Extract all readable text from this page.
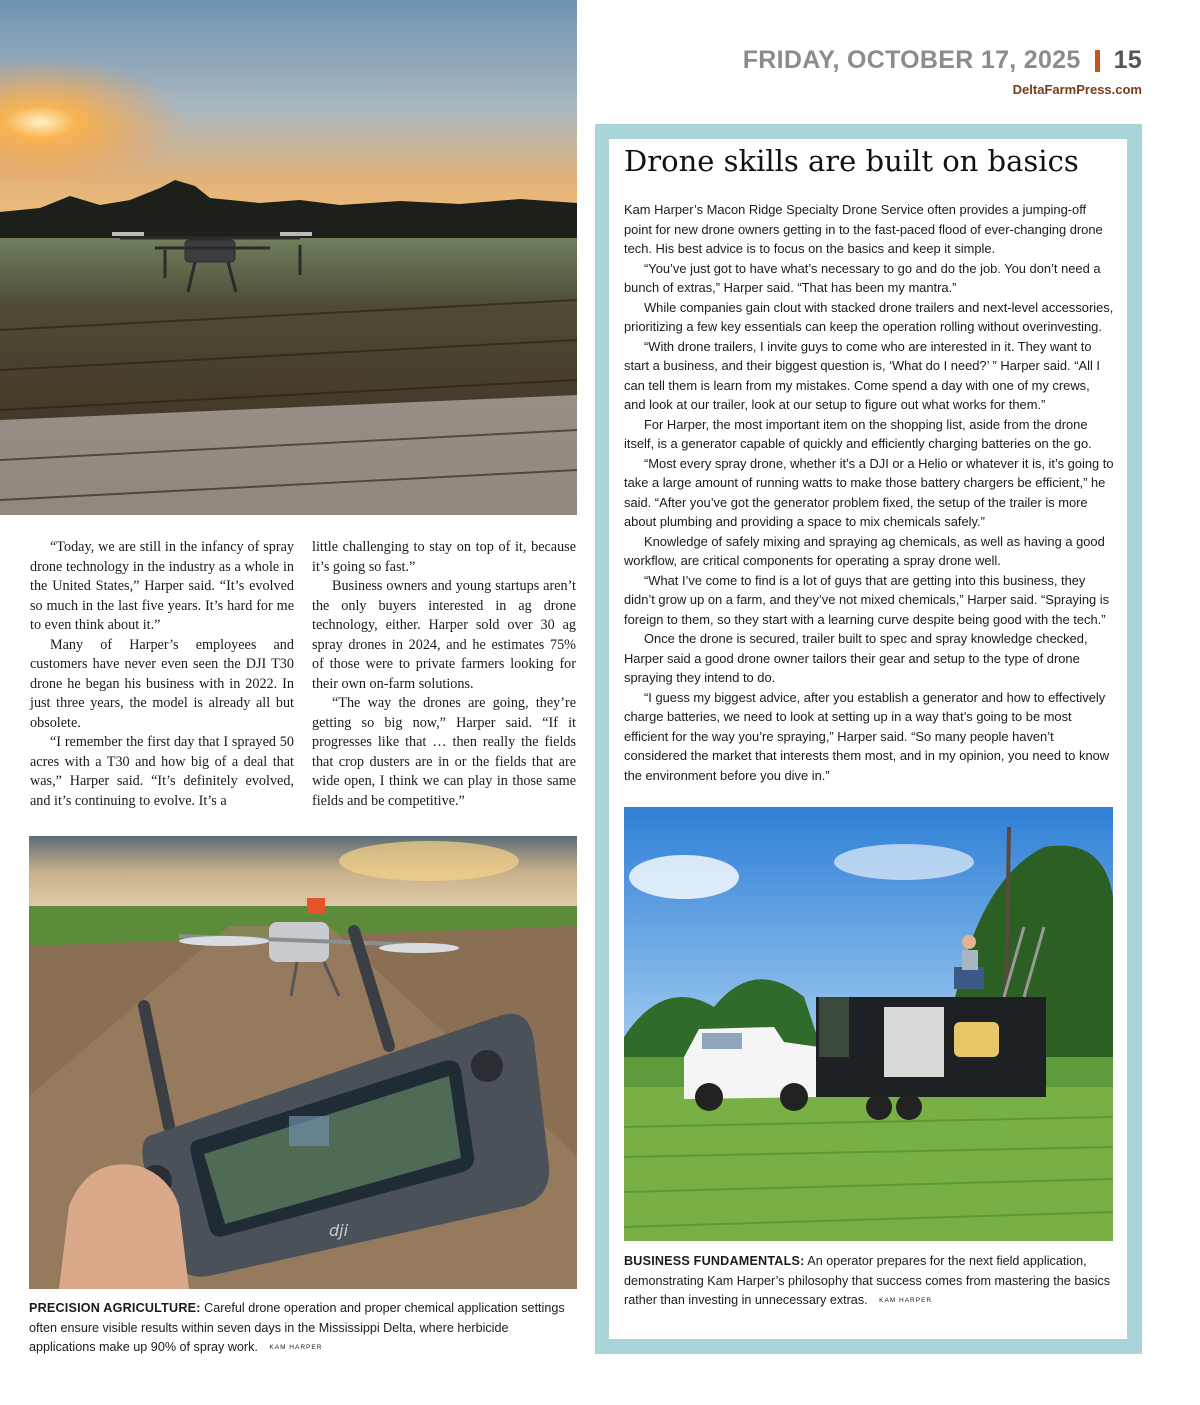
FRIDAY, OCTOBER 17, 2025 15
DeltaFarmPress.com

“Today, we are still in the infancy of spray drone technology in the industry as a whole in the United States,” Harper said. “It’s evolved so much in the last five years. It’s hard for me to even think about it.”

Many of Harper’s employees and customers have never even seen the DJI T30 drone he began his business with in 2022. In just three years, the model is already all but obsolete.

“I remember the first day that I sprayed 50 acres with a T30 and how big of a deal that was,” Harper said. “It’s definitely evolved, and it’s continuing to evolve. It’s a

little challenging to stay on top of it, because it’s going so fast.”

Business owners and young startups aren’t the only buyers interested in ag drone technology, either. Harper sold over 30 ag spray drones in 2024, and he estimates 75% of those were to private farmers looking for their own on-farm solutions.

“The way the drones are going, they’re getting so big now,” Harper said. “If it progresses like that … then really the fields that crop dusters are in or the fields that are wide open, I think we can play in those same fields and be competitive.”

dji
PRECISION AGRICULTURE: Careful drone operation and proper chemical application settings often ensure visible results within seven days in the Mississippi Delta, where herbicide applications make up 90% of spray work. KAM HARPER
Drone skills are built on basics

Kam Harper’s Macon Ridge Specialty Drone Service often provides a jumping-off point for new drone owners getting in to the fast-paced flood of ever-changing drone tech. His best advice is to focus on the basics and keep it simple.

“You’ve just got to have what’s necessary to go and do the job. You don’t need a bunch of extras,” Harper said. “That has been my mantra.”

While companies gain clout with stacked drone trailers and next-level accessories, prioritizing a few key essentials can keep the operation rolling without overinvesting.

“With drone trailers, I invite guys to come who are interested in it. They want to start a business, and their biggest question is, ‘What do I need?’ ” Harper said. “All I can tell them is learn from my mistakes. Come spend a day with one of my crews, and look at our trailer, look at our setup to figure out what works for them.”

For Harper, the most important item on the shopping list, aside from the drone itself, is a generator capable of quickly and efficiently charging batteries on the go.

“Most every spray drone, whether it’s a DJI or a Helio or whatever it is, it’s going to take a large amount of running watts to make those battery chargers be efficient,” he said. “After you’ve got the generator problem fixed, the setup of the trailer is more about plumbing and providing a space to mix chemicals safely.”

Knowledge of safely mixing and spraying ag chemicals, as well as having a good workflow, are critical components for operating a spray drone well.

“What I’ve come to find is a lot of guys that are getting into this business, they didn’t grow up on a farm, and they’ve not mixed chemicals,” Harper said. “Spraying is foreign to them, so they start with a learning curve despite being good with the tech.”

Once the drone is secured, trailer built to spec and spray knowledge checked, Harper said a good drone owner tailors their gear and setup to the type of drone spraying they intend to do.

“I guess my biggest advice, after you establish a generator and how to effectively charge batteries, we need to look at setting up in a way that’s going to be most efficient for the way you’re spraying,” Harper said. “So many people haven’t considered the market that interests them most, and in my opinion, you need to know the environment before you dive in.”

BUSINESS FUNDAMENTALS: An operator prepares for the next field application, demonstrating Kam Harper’s philosophy that success comes from mastering the basics rather than investing in unnecessary extras. KAM HARPER
